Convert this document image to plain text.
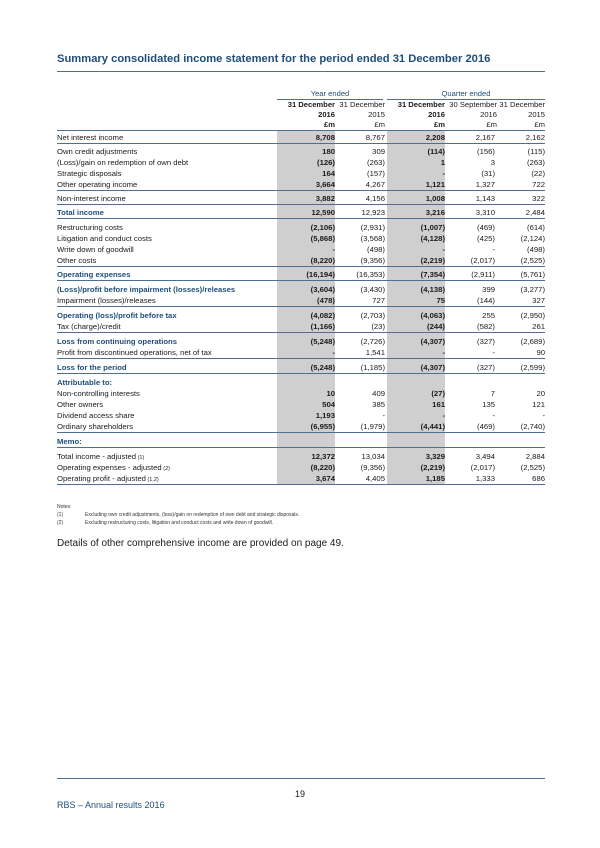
Summary consolidated income statement for the period ended 31 December 2016
Year ended	Quarter ended
31 December 31 December	31 December 30 September 31 December
2016	2015	2016	2016	2015
£m	£m	£m	£m	£m
Net interest income	8,708	8,767	2,208	2,167	2,162
Own credit adjustments	180	309	(114)	(156)	(115)
(Loss)/gain on redemption of own debt	(126)	(263)	1	3	(263)
Strategic disposals	164	(157)	-	(31)	(22)
Other operating income	3,664	4,267	1,121	1,327	722
Non-interest income	3,882	4,156	1,008	1,143	322
Total income	12,590	12,923	3,216	3,310	2,484
Restructuring costs	(2,106)	(2,931)	(1,007)	(469)	(614)
Litigation and conduct costs	(5,868)	(3,568)	(4,128)	(425)	(2,124)
Write down of goodwill	-	(498)	-	-	(498)
Other costs	(8,220)	(9,356)	(2,219)	(2,017)	(2,525)
Operating expenses	(16,194)	(16,353)	(7,354)	(2,911)	(5,761)
(Loss)/profit before impairment (losses)/releases	(3,604)	(3,430)	(4,138)	399	(3,277)
Impairment (losses)/releases	(478)	727	75	(144)	327
Operating (loss)/profit before tax	(4,082)	(2,703)	(4,063)	255	(2,950)
Tax (charge)/credit	(1,166)	(23)	(244)	(582)	261
Loss from continuing operations	(5,248)	(2,726)	(4,307)	(327)	(2,689)
Profit from discontinued operations, net of tax	-	1,541	-	-	90
Loss for the period	(5,248)	(1,185)	(4,307)	(327)	(2,599)
Attributable to:
Non-controlling interests	10	409	(27)	7	20
Other owners	504	385	161	135	121
Dividend access share	1,193	-	-	-	-
Ordinary shareholders	(6,955)	(1,979)	(4,441)	(469)	(2,740)
Memo:
Total income - adjusted (1)	12,372	13,034	3,329	3,494	2,884
Operating expenses - adjusted (2)	(8,220)	(9,356)	(2,219)	(2,017)	(2,525)
Operating profit - adjusted (1,2)	3,674	4,405	1,185	1,333	686
Notes:
(1)	Excluding own credit adjustments, (loss)/gain on redemption of own debt and strategic disposals.
(2)	Excluding restructuring costs, litigation and conduct costs and write down of goodwill.
Details of other comprehensive income are provided on page 49.
19
RBS – Annual results 2016
